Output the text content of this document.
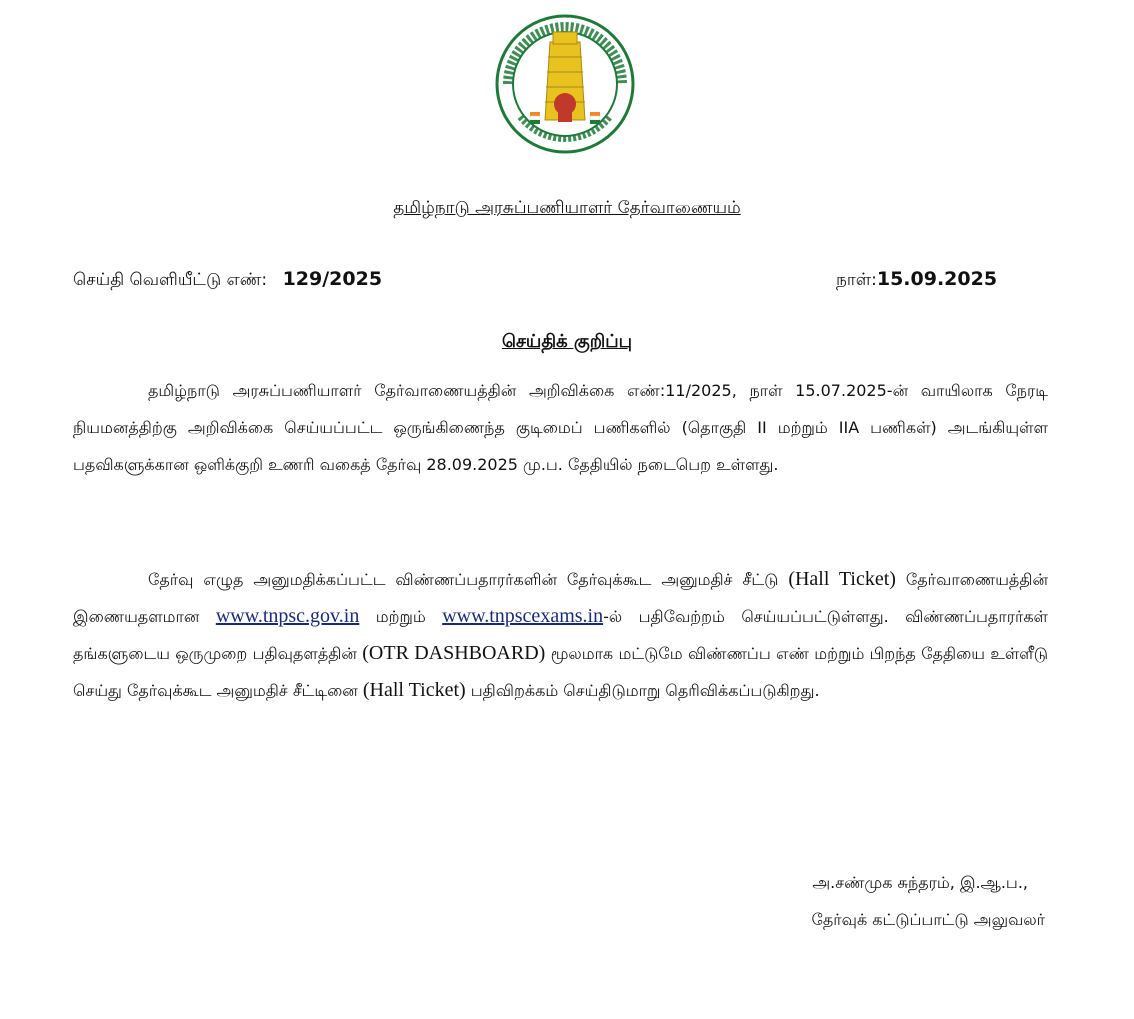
தமிழ்நாடு அரசுப்பணியாளர் தேர்வாணையம்
செய்தி வெளியீட்டு எண்: 129/2025	நாள்:15.09.2025
செய்திக் குறிப்பு
தமிழ்நாடு அரசுப்பணியாளர் தேர்வாணையத்தின் அறிவிக்கை எண்:11/2025, நாள் 15.07.2025-ன் வாயிலாக நேரடி நியமனத்திற்கு அறிவிக்கை செய்யப்பட்ட ஒருங்கிணைந்த குடிமைப் பணிகளில் (தொகுதி II மற்றும் IIA பணிகள்) அடங்கியுள்ள பதவிகளுக்கான ஒளிக்குறி உணரி வகைத் தேர்வு 28.09.2025 மு.ப. தேதியில் நடைபெற உள்ளது.
தேர்வு எழுத அனுமதிக்கப்பட்ட விண்ணப்பதாரர்களின் தேர்வுக்கூட அனுமதிச் சீட்டு (Hall Ticket) தேர்வாணையத்தின் இணையதளமான www.tnpsc.gov.in மற்றும் www.tnpscexams.in-ல் பதிவேற்றம் செய்யப்பட்டுள்ளது. விண்ணப்பதாரர்கள் தங்களுடைய ஒருமுறை பதிவுதளத்தின் (OTR DASHBOARD) மூலமாக மட்டுமே விண்ணப்ப எண் மற்றும் பிறந்த தேதியை உள்ளீடு செய்து தேர்வுக்கூட அனுமதிச் சீட்டினை (Hall Ticket) பதிவிறக்கம் செய்திடுமாறு தெரிவிக்கப்படுகிறது.
அ.சண்முக சுந்தரம், இ.ஆ.ப.,
தேர்வுக் கட்டுப்பாட்டு அலுவலர்
